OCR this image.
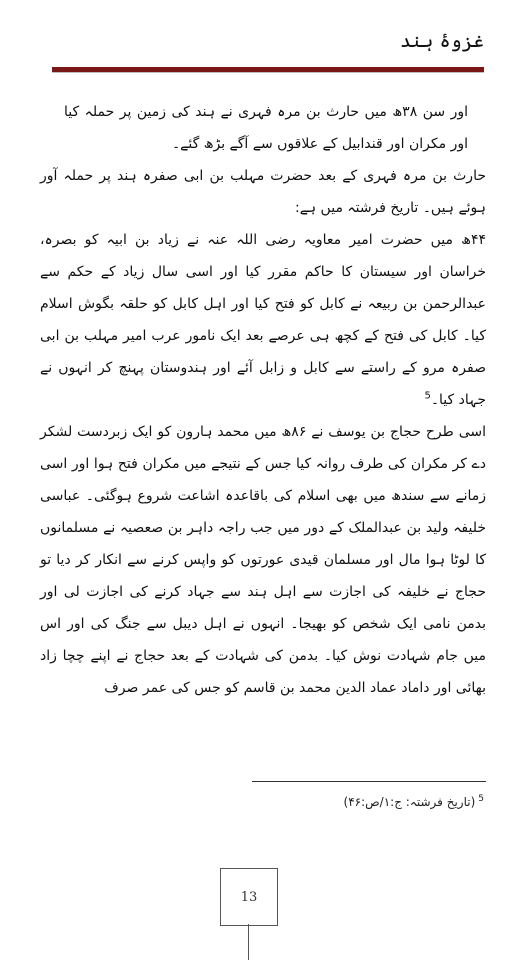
غزوۂ ہند

اور سن ۳۸ھ میں حارث بن مرہ فہری نے ہند کی زمین پر حملہ کیا اور مکران اور قندابیل کے علاقوں سے آگے بڑھ گئے۔

حارث بن مرہ فہری کے بعد حضرت مہلب بن ابی صفرہ ہند پر حملہ آور ہوئے ہیں۔ تاریخ فرشتہ میں ہے:

۴۴ھ میں حضرت امیر معاویہ رضی اللہ عنہ نے زیاد بن ابیہ کو بصرہ، خراسان اور سیستان کا حاکم مقرر کیا اور اسی سال زیاد کے حکم سے عبدالرحمن بن ربیعہ نے کابل کو فتح کیا اور اہل کابل کو حلقہ بگوش اسلام کیا۔ کابل کی فتح کے کچھ ہی عرصے بعد ایک نامور عرب امیر مہلب بن ابی صفرہ مرو کے راستے سے کابل و زابل آئے اور ہندوستان پہنچ کر انہوں نے جہاد کیا۔$^5$

اسی طرح حجاج بن یوسف نے ۸۶ھ میں محمد ہارون کو ایک زبردست لشکر دے کر مکران کی طرف روانہ کیا جس کے نتیجے میں مکران فتح ہوا اور اسی زمانے سے سندھ میں بھی اسلام کی باقاعدہ اشاعت شروع ہوگئی۔ عباسی خلیفہ ولید بن عبدالملک کے دور میں جب راجہ داہر بن صعصیہ نے مسلمانوں کا لوٹا ہوا مال اور مسلمان قیدی عورتوں کو واپس کرنے سے انکار کر دیا تو حجاج نے خلیفہ کی اجازت سے اہل ہند سے جہاد کرنے کی اجازت لی اور بدمن نامی ایک شخص کو بھیجا۔ انہوں نے اہل دیبل سے جنگ کی اور اس میں جام شہادت نوش کیا۔ بدمن کی شہادت کے بعد حجاج نے اپنے چچا زاد بھائی اور داماد عماد الدین محمد بن قاسم کو جس کی عمر صرف

$^5$(تاریخ فرشتہ: ج:۱/ص:۴۶)
13
